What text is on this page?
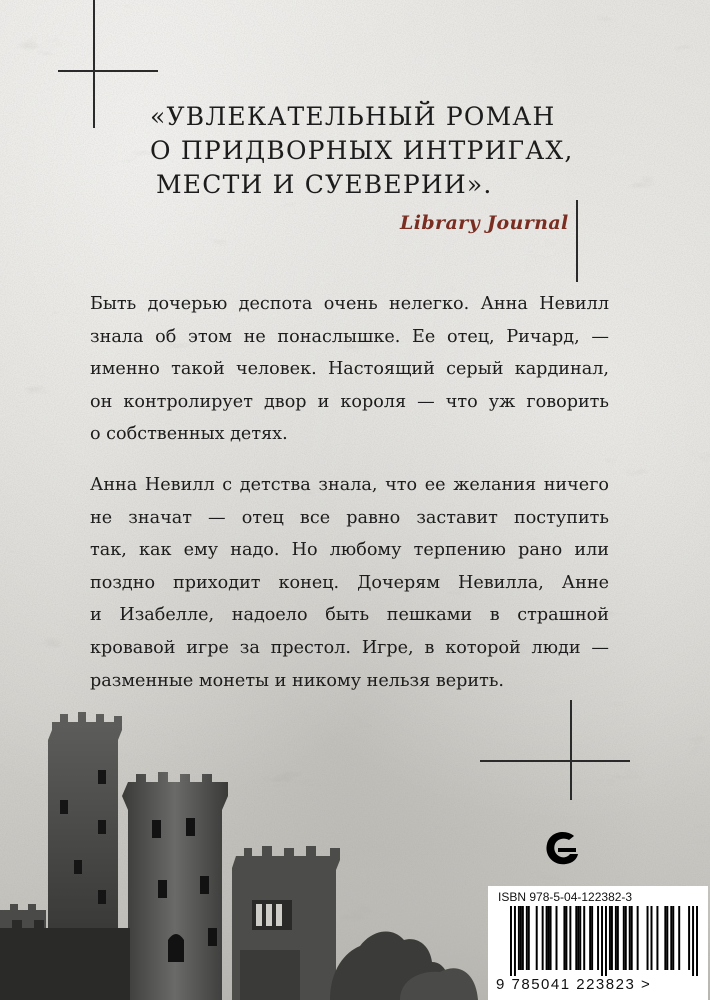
«УВЛЕКАТЕЛЬНЫЙ РОМАН
О ПРИДВОРНЫХ ИНТРИГАХ,
МЕСТИ И СУЕВЕРИИ».
Library Journal
Быть дочерью деспота очень нелегко. Анна Невилл
знала об этом не понаслышке. Ее отец, Ричард, —
именно такой человек. Настоящий серый кардинал,
он контролирует двор и короля — что уж говорить
о собственных детях.
Анна Невилл с детства знала, что ее желания ничего
не значат — отец все равно заставит поступить
так, как ему надо. Но любому терпению рано или
поздно приходит конец. Дочерям Невилла, Анне
и Изабелле, надоело быть пешками в страшной
кровавой игре за престол. Игре, в которой люди —
разменные монеты и никому нельзя верить.
ISBN 978-5-04-122382-3
9 785041 223823 >
